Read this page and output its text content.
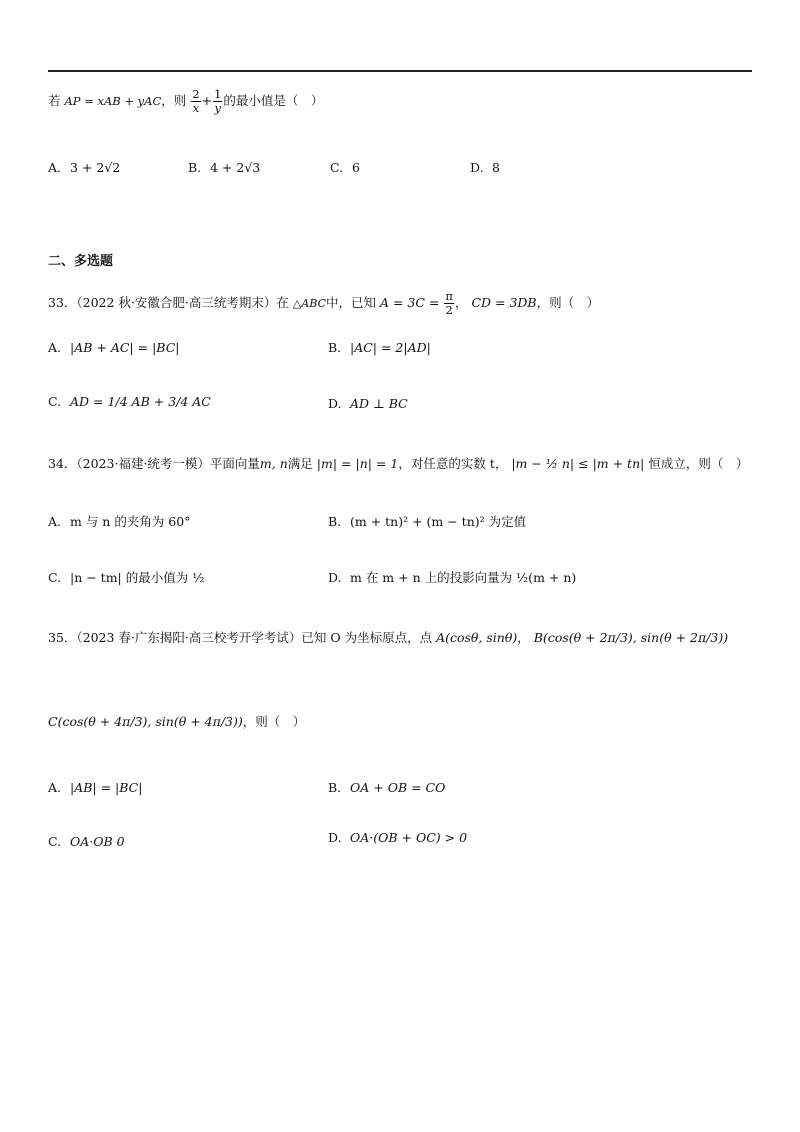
若 AP = xAB + yAC，则 $\frac{2}{x} + \frac{1}{y}$ 的最小值是（　）
A. 3 + 2√2	B. 4 + 2√3	C. 6	D. 8
二、多选题
33．（2022 秋·安徽合肥·高三统考期末）在 △ABC中，已知 $A = 3C = \frac{\pi}{2}$ ， CD = 3DB，则（　）
A. |AB + AC| = |BC|	B. |AC| = 2|AD|
C. AD = 1/4 AB + 3/4 AC	D. AD ⊥ BC
34．（2023·福建·统考一模）平面向量m, n满足 |m| = |n| = 1，对任意的实数 t， |m − ½ n| ≤ |m + tn| 恒成立，则（　）
A. m 与 n 的夹角为 60°	B. (m + tn)² + (m − tn)² 为定值
C. |n − tm| 的最小值为 ½	D. m 在 m + n 上的投影向量为 ½(m + n)
35．（2023 春·广东揭阳·高三校考开学考试）已知 O 为坐标原点，点 A(cosθ, sinθ)， B(cos(θ + 2π/3), sin(θ + 2π/3))
C(cos(θ + 4π/3), sin(θ + 4π/3))，则（　）
A. |AB| = |BC|	B. OA + OB = CO
C. OA·OB 0	D. OA·(OB + OC) > 0
